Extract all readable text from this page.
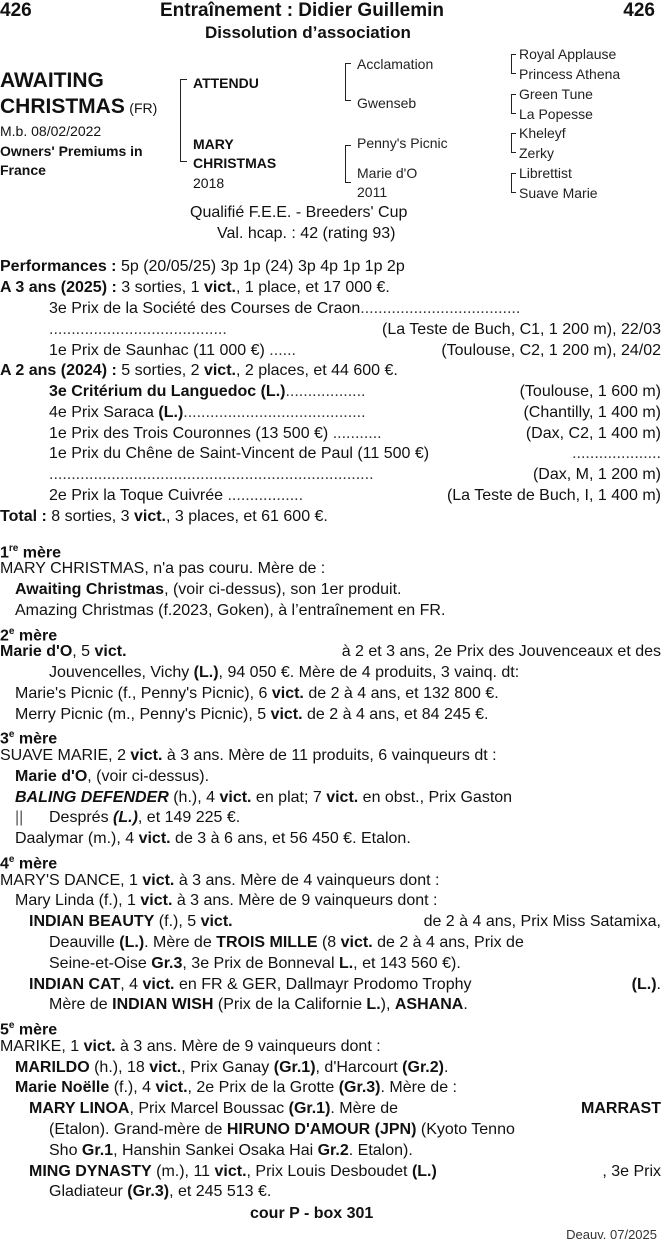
426	Entraînement : Didier Guillemin	426
Dissolution d’association
AWAITING
CHRISTMAS (FR)
M.b. 08/02/2022
Owners' Premiums in
France
ATTENDU
MARY
CHRISTMAS
2018
Acclamation
Gwenseb
Penny's Picnic
Marie d'O
2011
Royal Applause
Princess Athena
Green Tune
La Popesse
Kheleyf
Zerky
Librettist
Suave Marie
Qualifié F.E.E. - Breeders' Cup
Val. hcap. : 42 (rating 93)
Performances : 5p (20/05/25) 3p 1p (24) 3p 4p 1p 1p 2p
A 3 ans (2025) : 3 sorties, 1 vict., 1 place, et 17 000 €.
3e Prix de la Société des Courses de Craon....................................
........................................	(La Teste de Buch, C1, 1 200 m), 22/03
1e Prix de Saunhac (11 000 €) ......	(Toulouse, C2, 1 200 m), 24/02
A 2 ans (2024) : 5 sorties, 2 vict., 2 places, et 44 600 €.
3e Critérium du Languedoc (L.)..................	(Toulouse, 1 600 m)
4e Prix Saraca (L.).........................................	(Chantilly, 1 400 m)
1e Prix des Trois Couronnes (13 500 €) ...........	(Dax, C2, 1 400 m)
1e Prix du Chêne de Saint-Vincent de Paul (11 500 €)	....................
.........................................................................	(Dax, M, 1 200 m)
2e Prix la Toque Cuivrée .................	(La Teste de Buch, I, 1 400 m)
Total : 8 sorties, 3 vict., 3 places, et 61 600 €.
1re mère
MARY CHRISTMAS, n'a pas couru. Mère de :
Awaiting Christmas, (voir ci-dessus), son 1er produit.
Amazing Christmas (f.2023, Goken), à l’entraînement en FR.
2e mère
Marie d'O, 5 vict.	à 2 et 3 ans, 2e Prix des Jouvenceaux et des
Jouvencelles, Vichy (L.), 94 050 €. Mère de 4 produits, 3 vainq. dt:
Marie's Picnic (f., Penny's Picnic), 6 vict. de 2 à 4 ans, et 132 800 €.
Merry Picnic (m., Penny's Picnic), 5 vict. de 2 à 4 ans, et 84 245 €.
3e mère
SUAVE MARIE, 2 vict. à 3 ans. Mère de 11 produits, 6 vainqueurs dt :
Marie d'O, (voir ci-dessus).
BALING DEFENDER (h.), 4 vict. en plat; 7 vict. en obst., Prix Gaston
|| Després (L.), et 149 225 €.
Daalymar (m.), 4 vict. de 3 à 6 ans, et 56 450 €. Etalon.
4e mère
MARY'S DANCE, 1 vict. à 3 ans. Mère de 4 vainqueurs dont :
Mary Linda (f.), 1 vict. à 3 ans. Mère de 9 vainqueurs dont :
INDIAN BEAUTY (f.), 5 vict.	de 2 à 4 ans, Prix Miss Satamixa,
Deauville (L.). Mère de TROIS MILLE (8 vict. de 2 à 4 ans, Prix de
Seine-et-Oise Gr.3, 3e Prix de Bonneval L., et 143 560 €).
INDIAN CAT, 4 vict. en FR & GER, Dallmayr Prodomo Trophy	(L.).
Mère de INDIAN WISH (Prix de la Californie L.), ASHANA.
5e mère
MARIKE, 1 vict. à 3 ans. Mère de 9 vainqueurs dont :
MARILDO (h.), 18 vict., Prix Ganay (Gr.1), d'Harcourt (Gr.2).
Marie Noëlle (f.), 4 vict., 2e Prix de la Grotte (Gr.3). Mère de :
MARY LINOA, Prix Marcel Boussac (Gr.1). Mère de	MARRAST
(Etalon). Grand-mère de HIRUNO D'AMOUR (JPN) (Kyoto Tenno
Sho Gr.1, Hanshin Sankei Osaka Hai Gr.2. Etalon).
MING DYNASTY (m.), 11 vict., Prix Louis Desboudet (L.)	, 3e Prix
Gladiateur (Gr.3), et 245 513 €.
cour P - box 301
Deauv. 07/2025
